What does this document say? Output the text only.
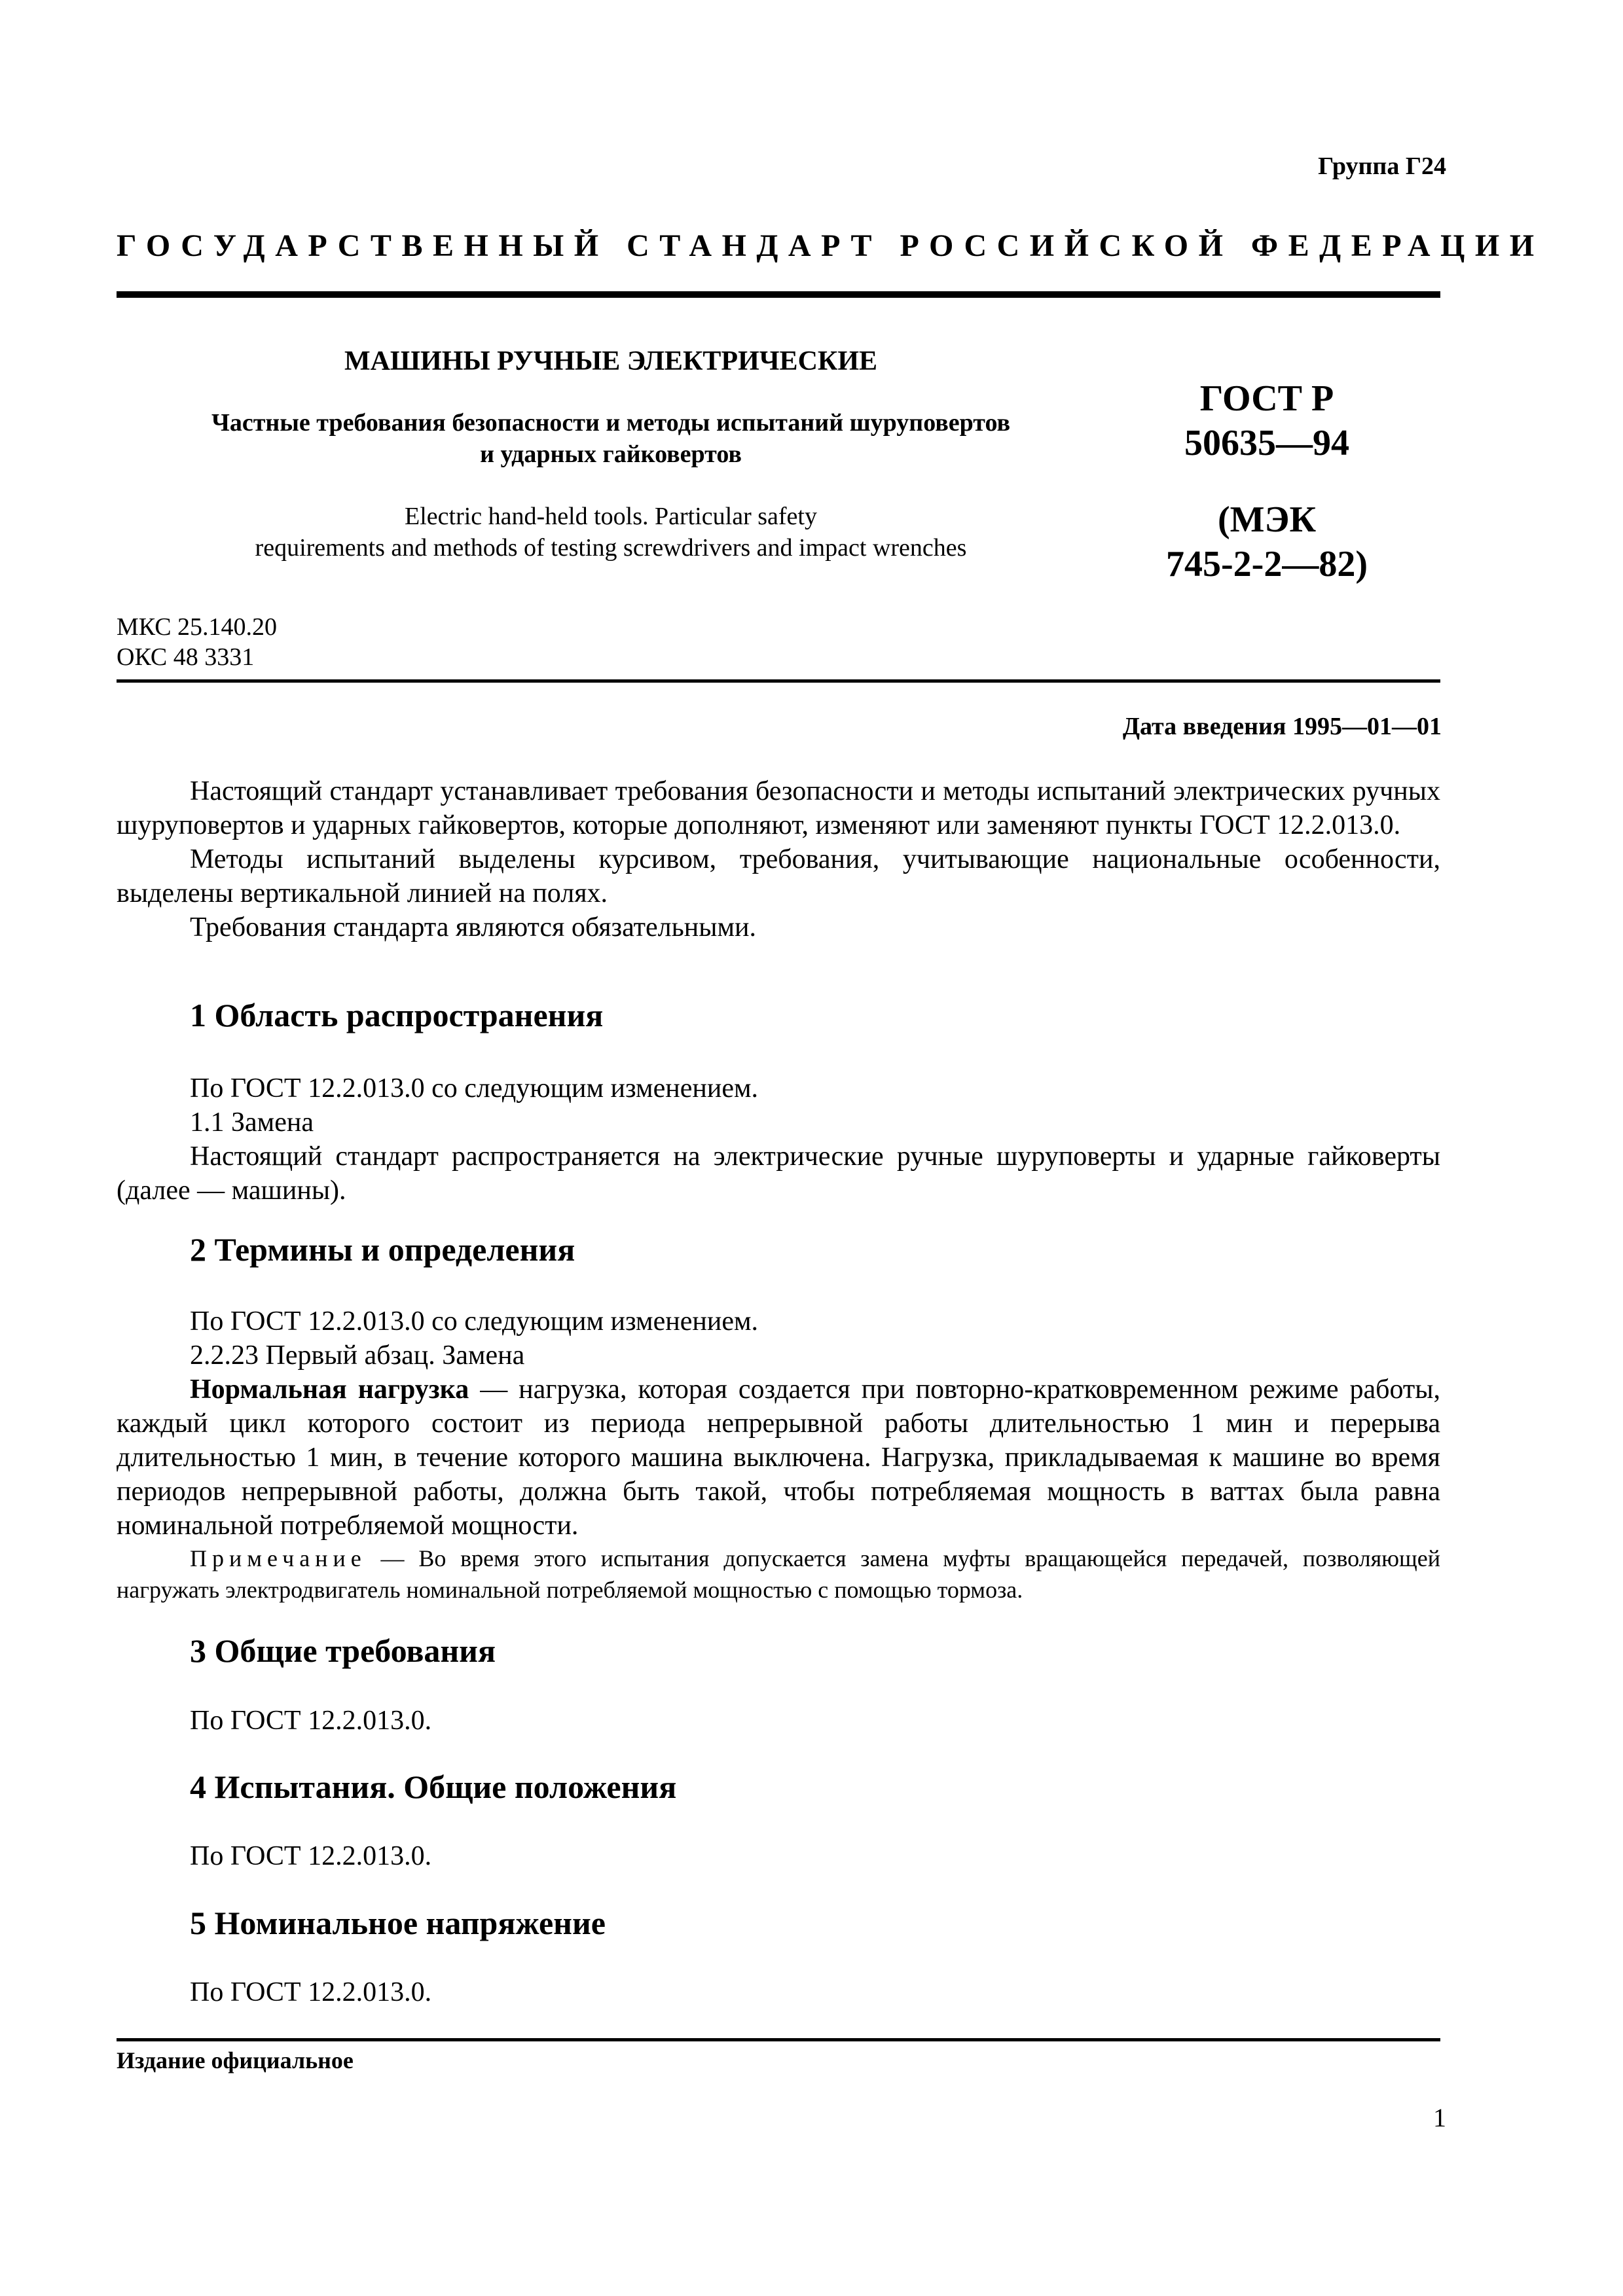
Группа Г24
ГОСУДАРСТВЕННЫЙ СТАНДАРТ РОССИЙСКОЙ ФЕДЕРАЦИИ
МАШИНЫ РУЧНЫЕ ЭЛЕКТРИЧЕСКИЕ
Частные требования безопасности и методы испытаний шуруповертов
и ударных гайковертов
Electric hand-held tools. Particular safety
requirements and methods of testing screwdrivers and impact wrenches
ГОСТ Р
50635—94
(МЭК
745-2-2—82)
МКС 25.140.20
ОКС 48 3331
Дата введения 1995—01—01

Настоящий стандарт устанавливает требования безопасности и методы испытаний электрических ручных шуруповертов и ударных гайковертов, которые дополняют, изменяют или заменяют пункты ГОСТ 12.2.013.0.

Методы испытаний выделены курсивом, требования, учитывающие национальные особенности, выделены вертикальной линией на полях.

Требования стандарта являются обязательными.

1 Область распространения

По ГОСТ 12.2.013.0 со следующим изменением.

1.1 Замена

Настоящий стандарт распространяется на электрические ручные шуруповерты и ударные гайковерты (далее — машины).

2 Термины и определения

По ГОСТ 12.2.013.0 со следующим изменением.

2.2.23 Первый абзац. Замена

Нормальная нагрузка — нагрузка, которая создается при повторно-кратковременном режиме работы, каждый цикл которого состоит из периода непрерывной работы длительностью 1 мин и перерыва длительностью 1 мин, в течение которого машина выключена. Нагрузка, прикладываемая к машине во время периодов непрерывной работы, должна быть такой, чтобы потребляемая мощность в ваттах была равна номинальной потребляемой мощности.

Примечание — Во время этого испытания допускается замена муфты вращающейся передачей, позволяющей нагружать электродвигатель номинальной потребляемой мощностью с помощью тормоза.

3 Общие требования

По ГОСТ 12.2.013.0.

4 Испытания. Общие положения

По ГОСТ 12.2.013.0.

5 Номинальное напряжение

По ГОСТ 12.2.013.0.

Издание официальное
1
